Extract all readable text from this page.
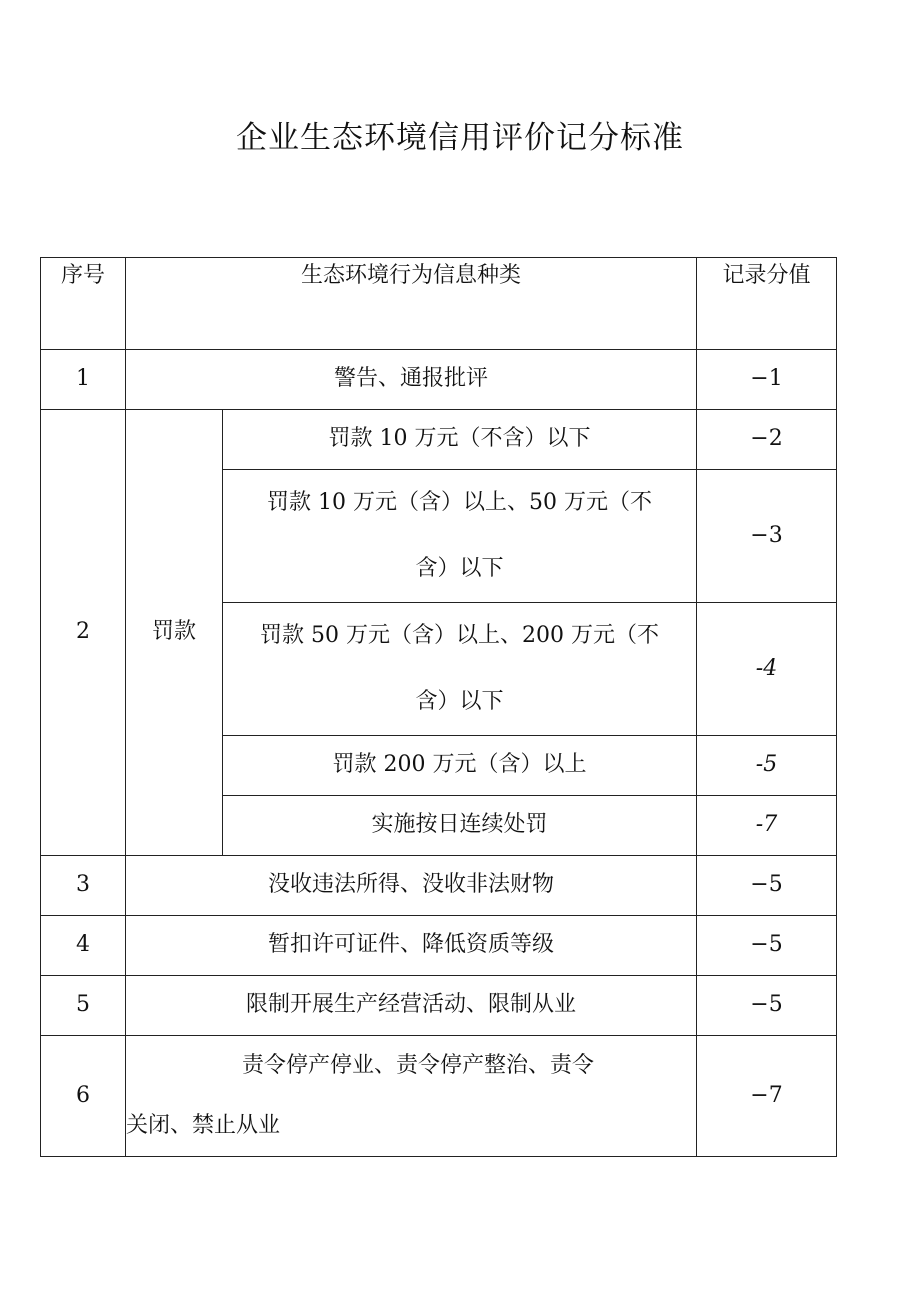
企业生态环境信用评价记分标准
序号	生态环境行为信息种类		记录分值
1	警告、通报批评		−1
2	罚款	罚款 10 万元（不含）以下	−2

		罚款 10 万元（含）以上、50 万元（不
含）以下	−3

		罚款 50 万元（含）以上、200 万元（不
含）以下	-4
		罚款 200 万元（含）以上	-5
		实施按日连续处罚	-7
3	没收违法所得、没收非法财物		−5
4	暂扣许可证件、降低资质等级		−5
5	限制开展生产经营活动、限制从业		−5
6	责令停产停业、责令停产整治、责令
关闭、禁止从业		−7
